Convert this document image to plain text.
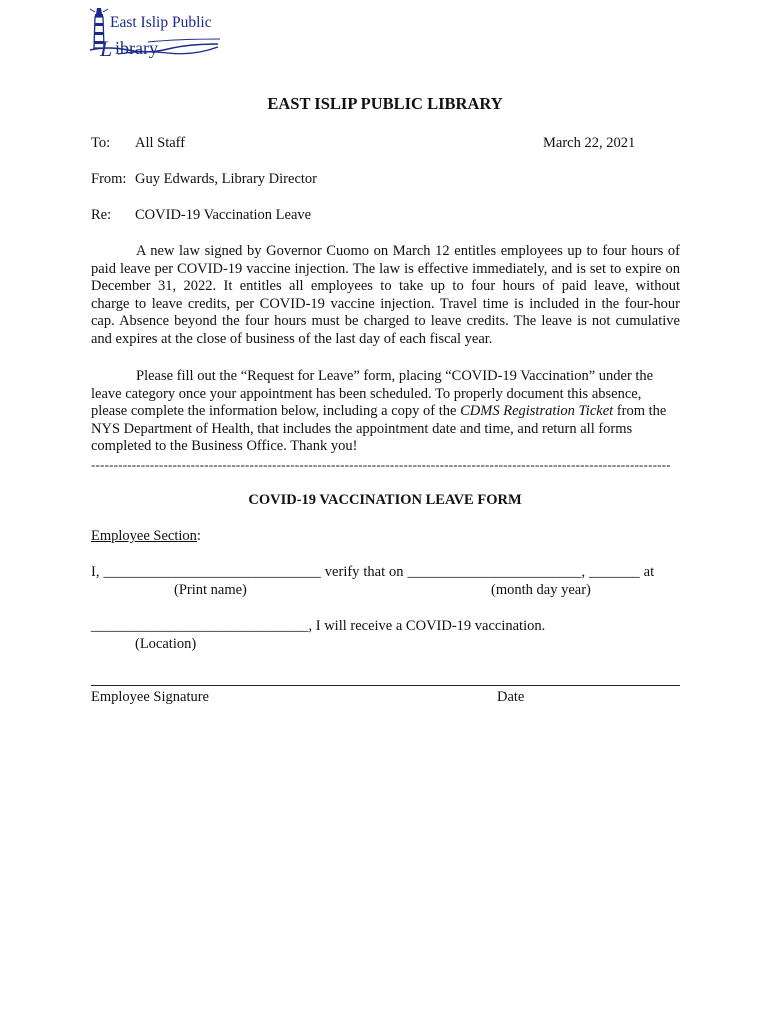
East Islip Public
L ibrary
EAST ISLIP PUBLIC LIBRARY
To: All Staff	March 22, 2021
From: Guy Edwards, Library Director
Re: COVID-19 Vaccination Leave
A new law signed by Governor Cuomo on March 12 entitles employees up to four hours of
paid leave per COVID-19 vaccine injection. The law is effective immediately, and is set to expire on
December 31, 2022. It entitles all employees to take up to four hours of paid leave, without
charge to leave credits, per COVID-19 vaccine injection. Travel time is included in the four-hour
cap. Absence beyond the four hours must be charged to leave credits. The leave is not cumulative
and expires at the close of business of the last day of each fiscal year.
Please fill out the “Request for Leave” form, placing “COVID-19 Vaccination” under the
leave category once your appointment has been scheduled. To properly document this absence,
please complete the information below, including a copy of the CDMS Registration Ticket from the
NYS Department of Health, that includes the appointment date and time, and return all forms
completed to the Business Office. Thank you!
--------------------------------------------------------------------------------------------------------------------------------
COVID-19 VACCINATION LEAVE FORM
Employee Section:
I, ______________________________ verify that on ________________________, _______ at
(Print name)	(month day year)
______________________________, I will receive a COVID-19 vaccination.
(Location)
Employee Signature	Date
